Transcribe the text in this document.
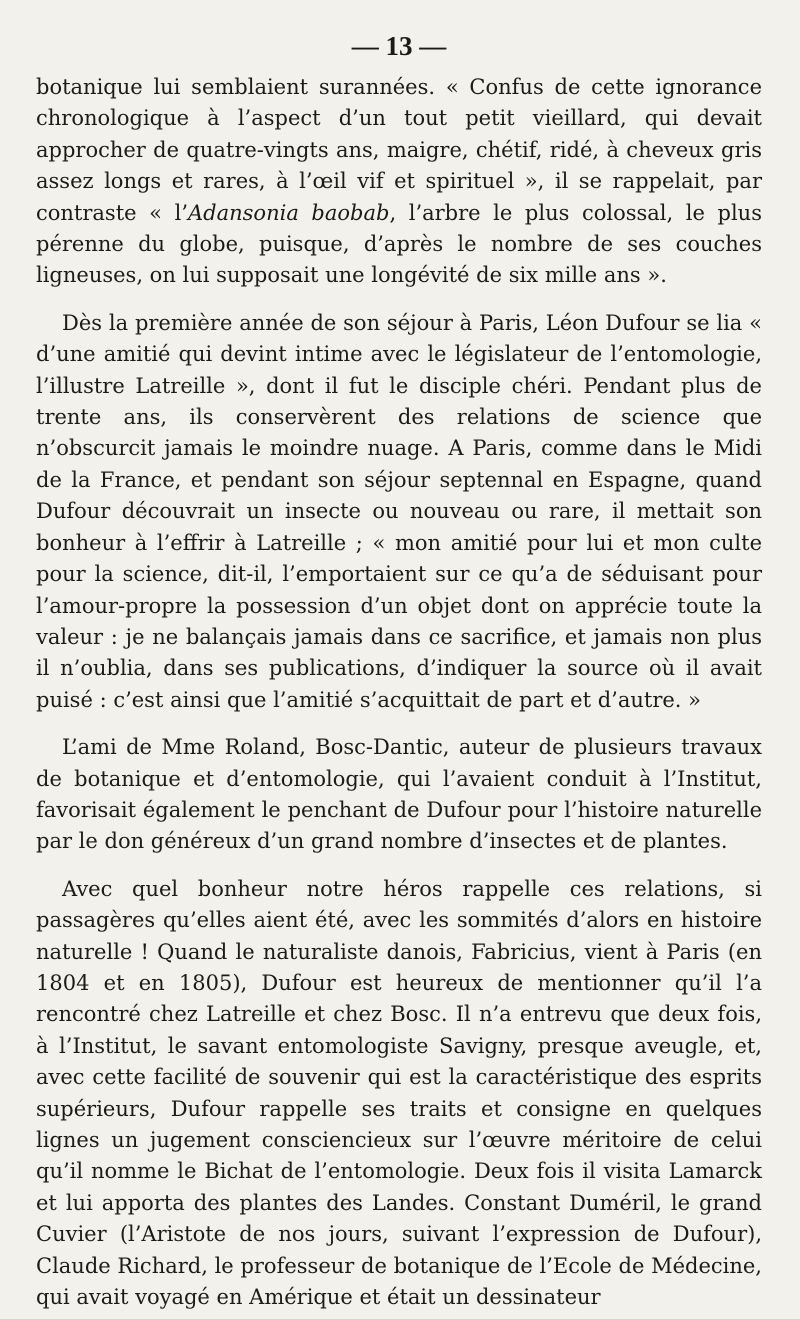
— 13 —

botanique lui semblaient surannées. « Confus de cette ignorance chronologique à l’aspect d’un tout petit vieillard, qui devait approcher de quatre-vingts ans, maigre, chétif, ridé, à cheveux gris assez longs et rares, à l’œil vif et spirituel », il se rappelait, par contraste « l’Adansonia baobab, l’arbre le plus colossal, le plus pérenne du globe, puisque, d’après le nombre de ses couches ligneuses, on lui supposait une longévité de six mille ans ».

Dès la première année de son séjour à Paris, Léon Dufour se lia « d’une amitié qui devint intime avec le législateur de l’entomologie, l’illustre Latreille », dont il fut le disciple chéri. Pendant plus de trente ans, ils conservèrent des relations de science que n’obscurcit jamais le moindre nuage. A Paris, comme dans le Midi de la France, et pendant son séjour septennal en Espagne, quand Dufour découvrait un insecte ou nouveau ou rare, il mettait son bonheur à l’effrir à Latreille ; « mon amitié pour lui et mon culte pour la science, dit-il, l’emportaient sur ce qu’a de séduisant pour l’amour-propre la possession d’un objet dont on apprécie toute la valeur : je ne balançais jamais dans ce sacrifice, et jamais non plus il n’oublia, dans ses publications, d’indiquer la source où il avait puisé : c’est ainsi que l’amitié s’acquittait de part et d’autre. »

L’ami de Mme Roland, Bosc-Dantic, auteur de plusieurs travaux de botanique et d’entomologie, qui l’avaient conduit à l’Institut, favorisait également le penchant de Dufour pour l’histoire naturelle par le don généreux d’un grand nombre d’insectes et de plantes.

Avec quel bonheur notre héros rappelle ces relations, si passagères qu’elles aient été, avec les sommités d’alors en histoire naturelle ! Quand le naturaliste danois, Fabricius, vient à Paris (en 1804 et en 1805), Dufour est heureux de mentionner qu’il l’a rencontré chez Latreille et chez Bosc. Il n’a entrevu que deux fois, à l’Institut, le savant entomologiste Savigny, presque aveugle, et, avec cette facilité de souvenir qui est la caractéristique des esprits supérieurs, Dufour rappelle ses traits et consigne en quelques lignes un jugement consciencieux sur l’œuvre méritoire de celui qu’il nomme le Bichat de l’entomologie. Deux fois il visita Lamarck et lui apporta des plantes des Landes. Constant Duméril, le grand Cuvier (l’Aristote de nos jours, suivant l’expression de Dufour), Claude Richard, le professeur de botanique de l’Ecole de Médecine, qui avait voyagé en Amérique et était un dessinateur
